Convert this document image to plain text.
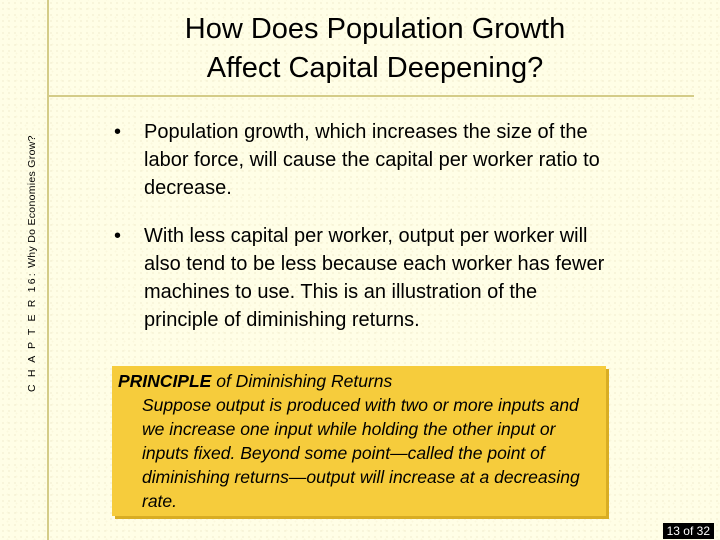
C H A P T E R 16: Why Do Economies Grow?
How Does Population Growth
Affect Capital Deepening?
• Population growth, which increases the size of the labor force, will cause the capital per worker ratio to decrease.
• With less capital per worker, output per worker will also tend to be less because each worker has fewer machines to use. This is an illustration of the principle of diminishing returns.
PRINCIPLE of Diminishing Returns
Suppose output is produced with two or more inputs and we increase one input while holding the other input or inputs fixed. Beyond some point—called the point of diminishing returns—output will increase at a decreasing rate.
13 of 32
